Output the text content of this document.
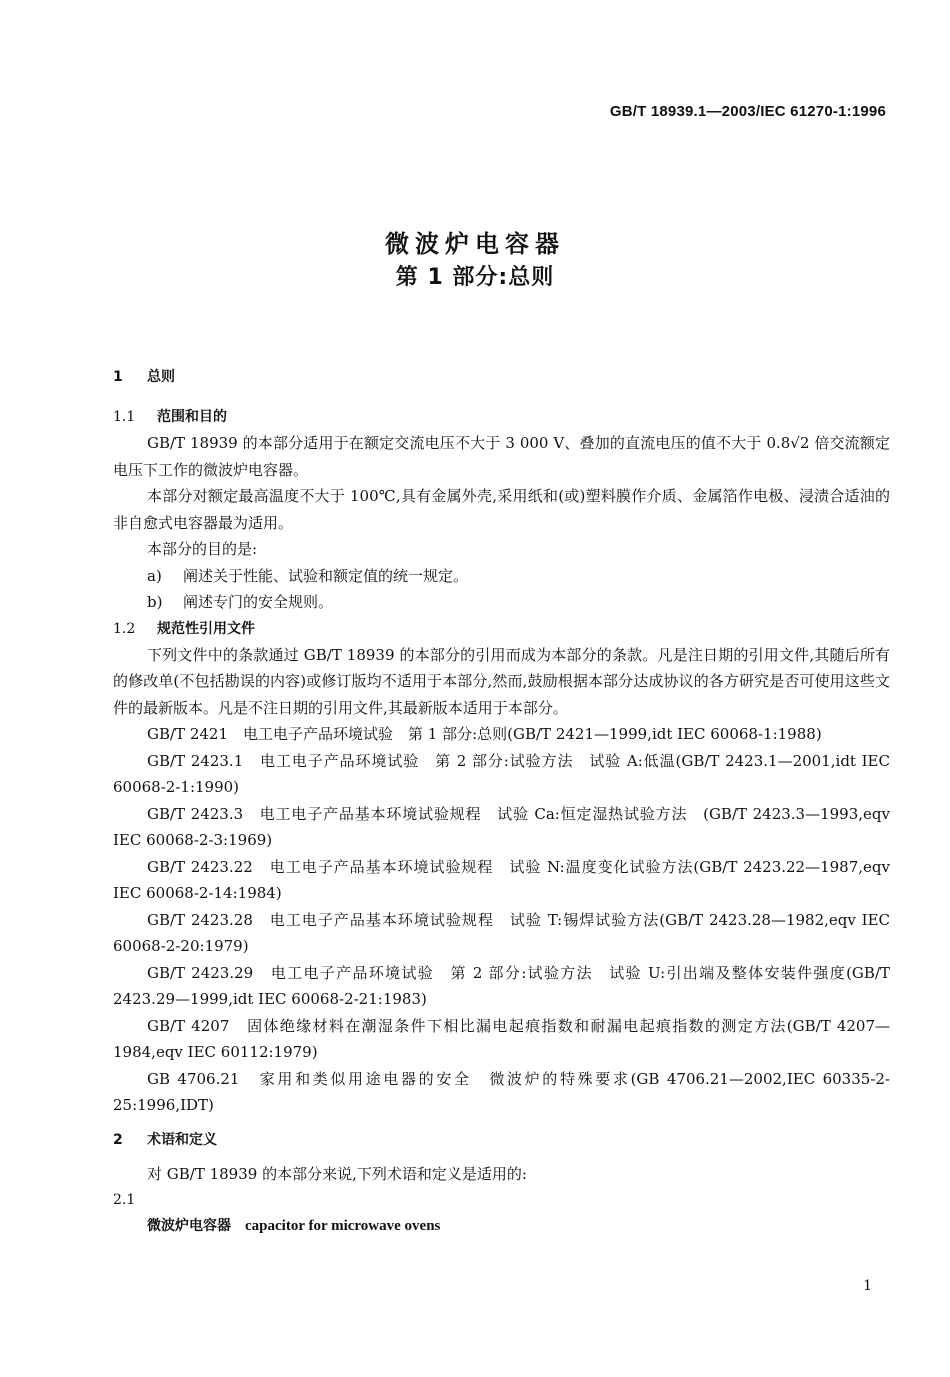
GB/T 18939.1—2003/IEC 61270-1:1996
微波炉电容器
第 1 部分:总则
1 总则
1.1 范围和目的

GB/T 18939 的本部分适用于在额定交流电压不大于 3 000 V、叠加的直流电压的值不大于 0.8√2 倍交流额定电压下工作的微波炉电容器。

本部分对额定最高温度不大于 100℃,具有金属外壳,采用纸和(或)塑料膜作介质、金属箔作电极、浸渍合适油的非自愈式电容器最为适用。

本部分的目的是:

a) 阐述关于性能、试验和额定值的统一规定。
b) 阐述专门的安全规则。
1.2 规范性引用文件

下列文件中的条款通过 GB/T 18939 的本部分的引用而成为本部分的条款。凡是注日期的引用文件,其随后所有的修改单(不包括勘误的内容)或修订版均不适用于本部分,然而,鼓励根据本部分达成协议的各方研究是否可使用这些文件的最新版本。凡是不注日期的引用文件,其最新版本适用于本部分。

GB/T 2421　电工电子产品环境试验　第 1 部分:总则(GB/T 2421—1999,idt IEC 60068-1:1988)

GB/T 2423.1　电工电子产品环境试验　第 2 部分:试验方法　试验 A:低温(GB/T 2423.1—2001,idt IEC 60068-2-1:1990)

GB/T 2423.3　电工电子产品基本环境试验规程　试验 Ca:恒定湿热试验方法　(GB/T 2423.3—1993,eqv IEC 60068-2-3:1969)

GB/T 2423.22　电工电子产品基本环境试验规程　试验 N:温度变化试验方法(GB/T 2423.22—1987,eqv IEC 60068-2-14:1984)

GB/T 2423.28　电工电子产品基本环境试验规程　试验 T:锡焊试验方法(GB/T 2423.28—1982,eqv IEC 60068-2-20:1979)

GB/T 2423.29　电工电子产品环境试验　第 2 部分:试验方法　试验 U:引出端及整体安装件强度(GB/T 2423.29—1999,idt IEC 60068-2-21:1983)

GB/T 4207　固体绝缘材料在潮湿条件下相比漏电起痕指数和耐漏电起痕指数的测定方法(GB/T 4207—1984,eqv IEC 60112:1979)

GB 4706.21　家用和类似用途电器的安全　微波炉的特殊要求(GB 4706.21—2002,IEC 60335-2-25:1996,IDT)

2 术语和定义

对 GB/T 18939 的本部分来说,下列术语和定义是适用的:

2.1
微波炉电容器 capacitor for microwave ovens
1
